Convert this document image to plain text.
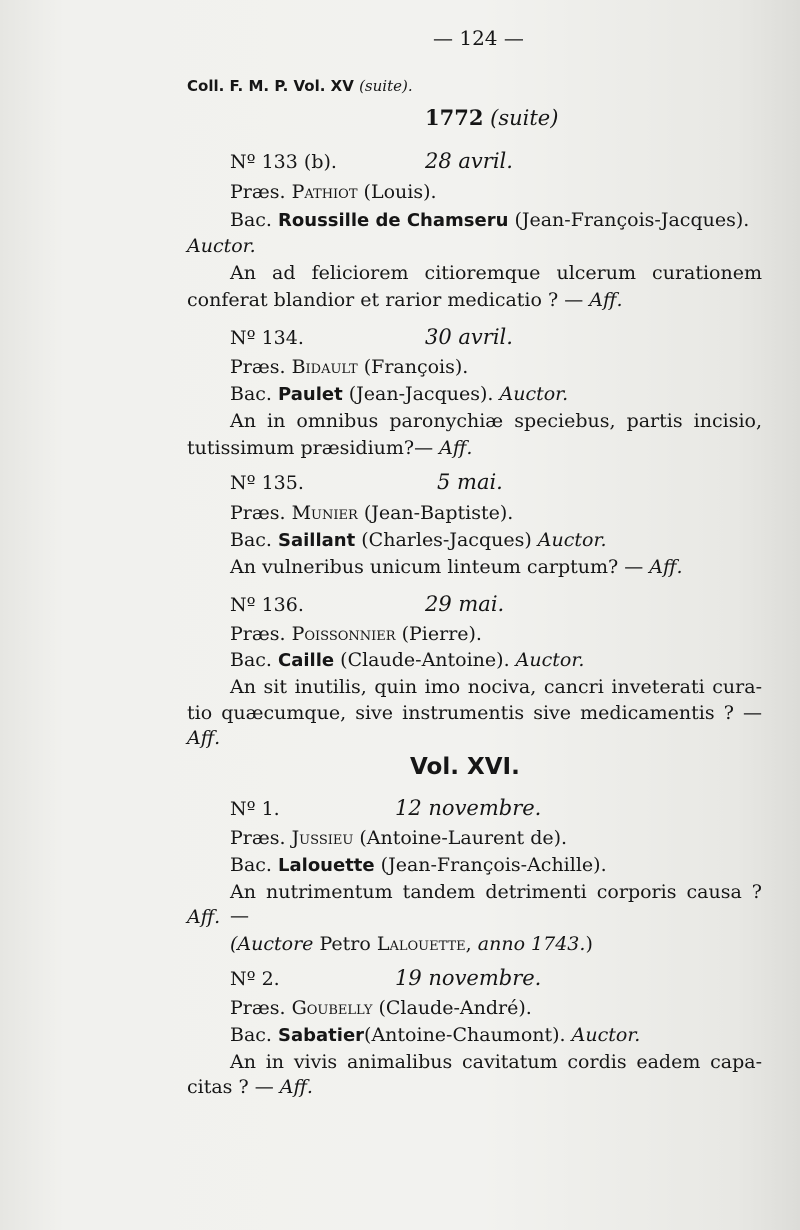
— 124 —
Coll. F. M. P. Vol. XV (suite).
1772 (suite)
Nº 133 (b).	28 avril.
Præs. Pathiot (Louis).
Bac. Roussille de Chamseru (Jean-François-Jacques).
Auctor.
An ad feliciorem citioremque ulcerum curationem
conferat blandior et rarior medicatio ? — Aff.
Nº 134.	30 avril.
Præs. Bidault (François).
Bac. Paulet (Jean-Jacques). Auctor.
An in omnibus paronychiæ speciebus, partis incisio,
tutissimum præsidium?— Aff.
Nº 135.	5 mai.
Præs. Munier (Jean-Baptiste).
Bac. Saillant (Charles-Jacques) Auctor.
An vulneribus unicum linteum carptum? — Aff.
Nº 136.	29 mai.
Præs. Poissonnier (Pierre).
Bac. Caille (Claude-Antoine). Auctor.
An sit inutilis, quin imo nociva, cancri inveterati cura-
tio quæcumque, sive instrumentis sive medicamentis ? —
Aff.
Vol. XVI.
Nº 1.	12 novembre.
Præs. Jussieu (Antoine-Laurent de).
Bac. Lalouette (Jean-François-Achille).
An nutrimentum tandem detrimenti corporis causa ? —
Aff.
(Auctore Petro Lalouette, anno 1743.)
Nº 2.	19 novembre.
Præs. Goubelly (Claude-André).
Bac. Sabatier(Antoine-Chaumont). Auctor.
An in vivis animalibus cavitatum cordis eadem capa-
citas ? — Aff.
